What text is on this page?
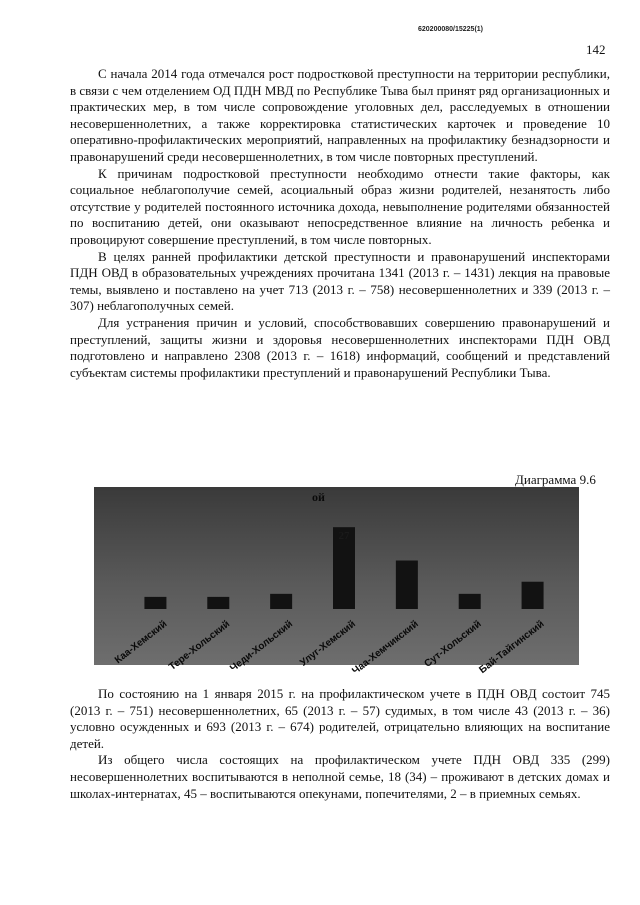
620200080/15225(1)
142

С начала 2014 года отмечался рост подростковой преступности на территории республики, в связи с чем отделением ОД ПДН МВД по Республике Тыва был принят ряд организационных и практических мер, в том числе сопровождение уголовных дел, расследуемых в отношении несовершеннолетних, а также корректировка статистических карточек и проведение 10 оперативно-профилактических мероприятий, направленных на профилактику безнадзорности и правонарушений среди несовершеннолетних, в том числе повторных преступлений.

К причинам подростковой преступности необходимо отнести такие факторы, как социальное неблагополучие семей, асоциальный образ жизни родителей, незанятость либо отсутствие у родителей постоянного источника дохода, невыполнение родителями обязанностей по воспитанию детей, они оказывают непосредственное влияние на личность ребенка и провоцируют совершение преступлений, в том числе повторных.

В целях ранней профилактики детской преступности и правонарушений инспекторами ПДН ОВД в образовательных учреждениях прочитана 1341 (2013 г. – 1431) лекция на правовые темы, выявлено и поставлено на учет 713 (2013 г. – 758) несовершеннолетних и 339 (2013 г. – 307) неблагополучных семей.

Для устранения причин и условий, способствовавших совершению правонарушений и преступлений, защиты жизни и здоровья несовершеннолетних инспекторами ПДН ОВД подготовлено и направлено 2308 (2013 г. – 1618) информаций, сообщений и представлений субъектам системы профилактики преступлений и правонарушений Республики Тыва.

Диаграмма 9.6
ой
27
Каа-Хемский
Тере-Хольский
Чеди-Хольский Улуг-Хемский
Чаа-Хемчикский Сут-Хольский
Бай-Тайгинский

По состоянию на 1 января 2015 г. на профилактическом учете в ПДН ОВД состоит 745 (2013 г. – 751) несовершеннолетних, 65 (2013 г. – 57) судимых, в том числе 43 (2013 г. – 36) условно осужденных и 693 (2013 г. – 674) родителей, отрицательно влияющих на воспитание детей.

Из общего числа состоящих на профилактическом учете ПДН ОВД 335 (299) несовершеннолетних воспитываются в неполной семье, 18 (34) – проживают в детских домах и школах-интернатах, 45 – воспитываются опекунами, попечителями, 2 – в приемных семьях.
